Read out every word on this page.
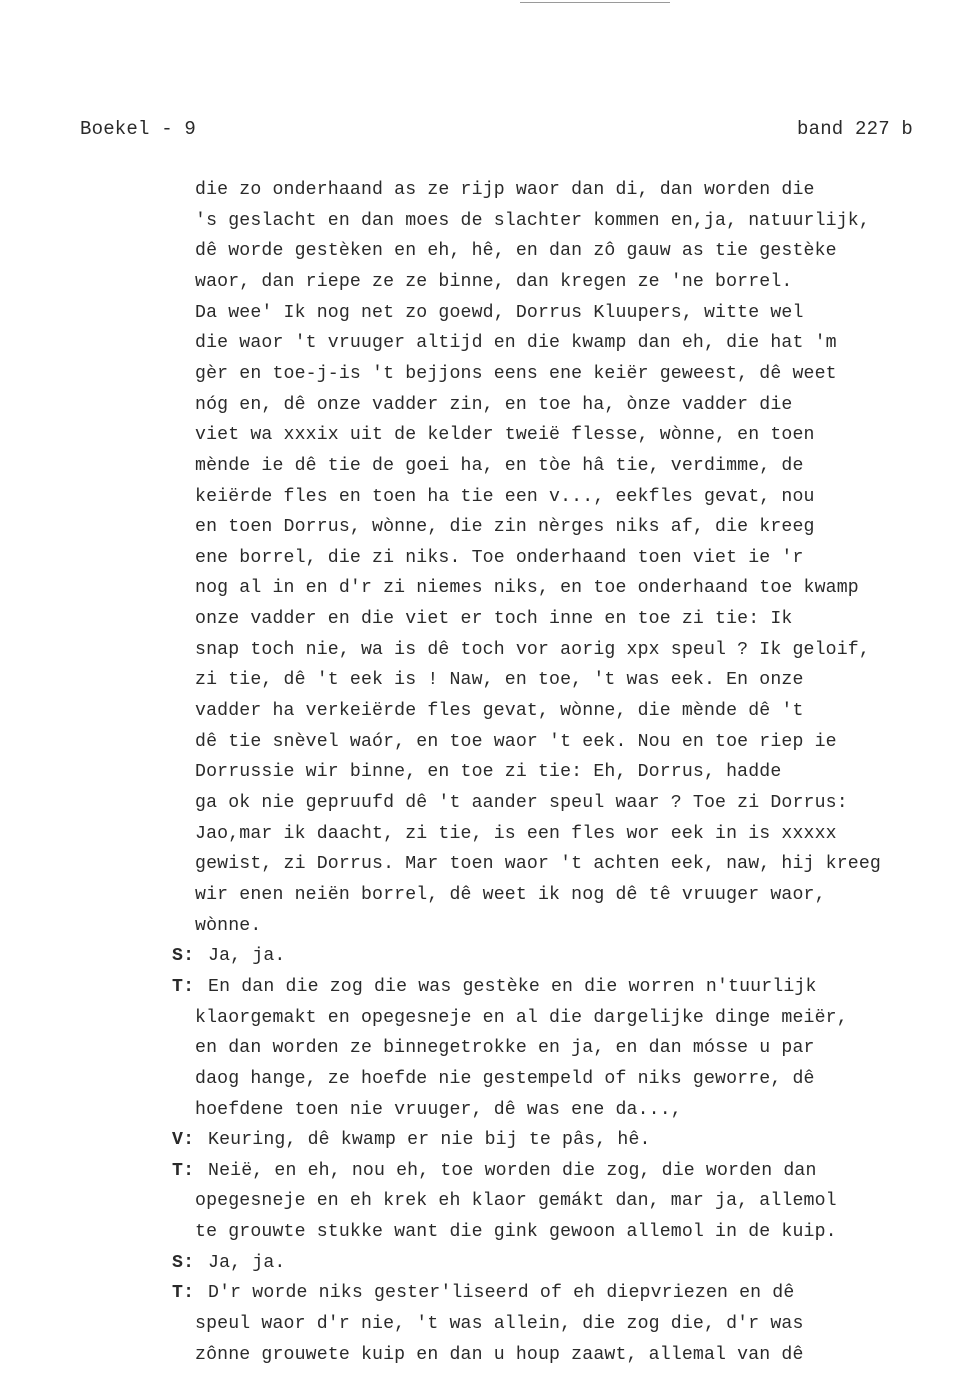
Boekel - 9	band 227 b
die zo onderhaand as ze rijp waor dan di, dan worden die
's geslacht en dan moes de slachter kommen en,ja, natuurlijk,
dê worde gestèken en eh, hê, en dan zô gauw as tie gestèke
waor, dan riepe ze ze binne, dan kregen ze 'ne borrel.
Da wee' Ik nog net zo goewd, Dorrus Kluupers, witte wel
die waor 't vruuger altijd en die kwamp dan eh, die hat 'm
gèr en toe-j-is 't bejjons eens ene keiër geweest, dê weet
nóg en, dê onze vadder zin, en toe ha, ònze vadder die
viet wa xxxix uit de kelder tweië flesse, wònne, en toen
mènde ie dê tie de goei ha, en tòe hâ tie, verdimme, de
keiërde fles en toen ha tie een v..., eekfles gevat, nou
en toen Dorrus, wònne, die zin nèrges niks af, die kreeg
ene borrel, die zi niks. Toe onderhaand toen viet ie 'r
nog al in en d'r zi niemes niks, en toe onderhaand toe kwamp
onze vadder en die viet er toch inne en toe zi tie: Ik
snap toch nie, wa is dê toch vor aorig xpx speul ? Ik geloif,
zi tie, dê 't eek is ! Naw, en toe, 't was eek. En onze
vadder ha verkeiërde fles gevat, wònne, die mènde dê 't
dê tie snèvel waór, en toe waor 't eek. Nou en toe riep ie
Dorrussie wir binne, en toe zi tie: Eh, Dorrus, hadde
ga ok nie gepruufd dê 't aander speul waar ? Toe zi Dorrus:
Jao,mar ik daacht, zi tie, is een fles wor eek in is xxxxx
gewist, zi Dorrus. Mar toen waor 't achten eek, naw, hij kreeg
wir enen neiën borrel, dê weet ik nog dê tê vruuger waor,
wònne.
S: Ja, ja.
T: En dan die zog die was gestèke en die worren n'tuurlijk
klaorgemakt en opegesneje en al die dargelijke dinge meiër,
en dan worden ze binnegetrokke en ja, en dan mósse u par
daog hange, ze hoefde nie gestempeld of niks geworre, dê
hoefdene toen nie vruuger, dê was ene da...,
V: Keuring, dê kwamp er nie bij te pâs, hê.
T: Neië, en eh, nou eh, toe worden die zog, die worden dan
opegesneje en eh krek eh klaor gemákt dan, mar ja, allemol
te grouwte stukke want die gink gewoon allemol in de kuip.
S: Ja, ja.
T: D'r worde niks gester'liseerd of eh diepvriezen en dê
speul waor d'r nie, 't was allein, die zog die, d'r was
zônne grouwete kuip en dan u houp zaawt, allemal van dê
